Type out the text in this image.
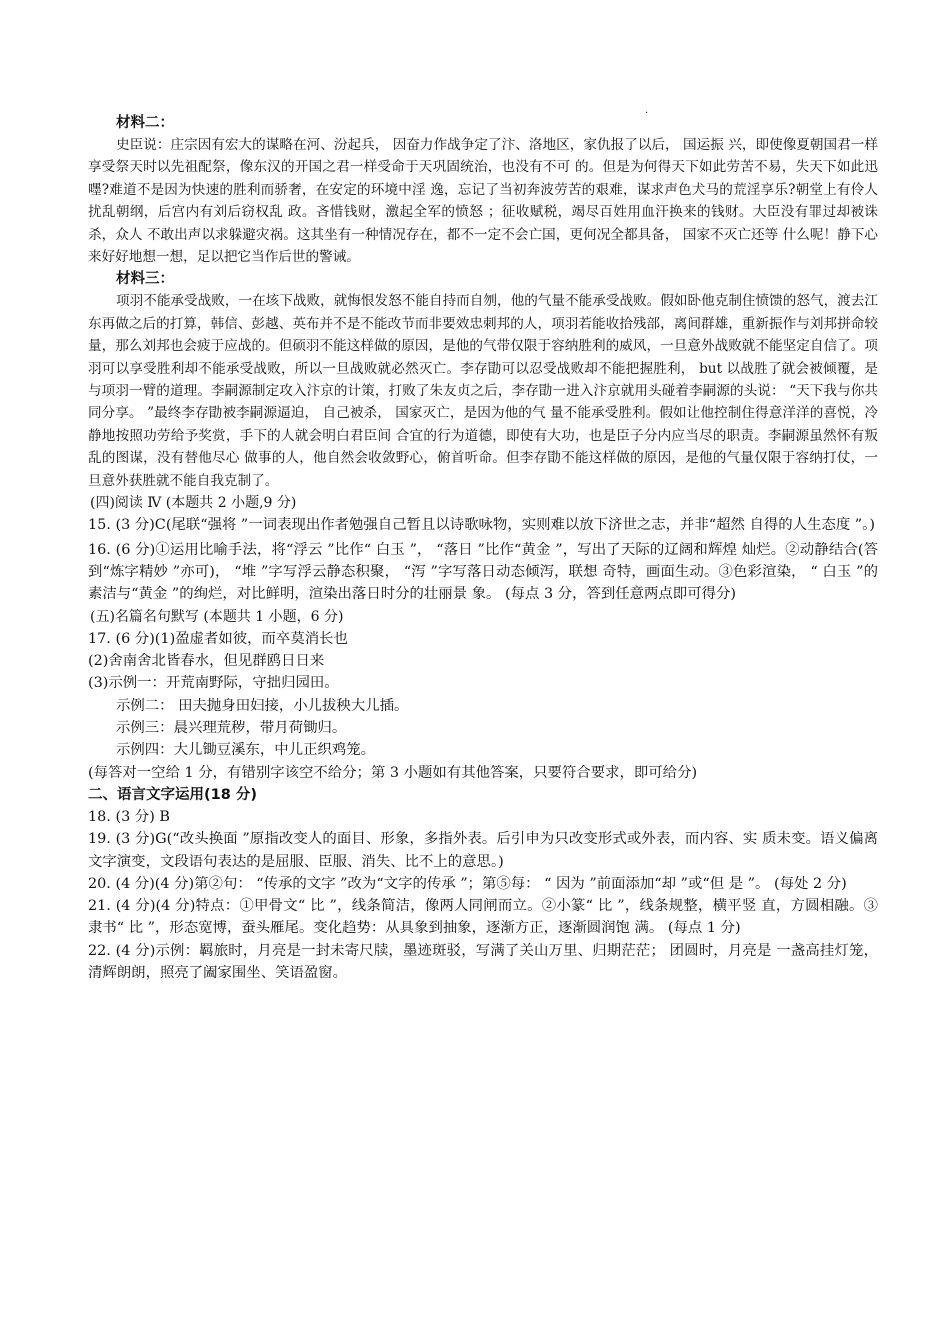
·
材料二：

史臣说：庄宗因有宏大的谋略在河、汾起兵， 因奋力作战争定了汴、洛地区，家仇报了以后， 国运振 兴，即使像夏朝国君一样享受祭天时以先祖配祭，像东汉的开国之君一样受命于天巩固统治，也没有不可 的。但是为何得天下如此劳苦不易，失天下如此迅嚜?难道不是因为快速的胜利而骄奢，在安定的环境中淫 逸，忘记了当初奔波劳苦的艰难，谋求声色犬马的荒淫享乐?朝堂上有伶人扰乱朝纲，后宫内有刘后窃权乱 政。吝惜钱财，激起全军的愤怒 ；征收赋税，竭尽百姓用血汗换来的钱财。大臣没有罪过却被诛杀，众人 不敢出声以求躲避灾祸。这其坐有一种情况存在，都不一定不会亡国，更何况全都具备， 国家不灭亡还等 什么呢！静下心来好好地想一想，足以把它当作后世的警诫。

材料三：

项羽不能承受战败，一在垓下战败，就悔恨发怒不能自持而自刎，他的气量不能承受战败。假如卧他克制住愤馈的怒气，渡去江东再做之后的打算，韩信、彭越、英布并不是不能改节而非要效忠刺邦的人，项羽若能收拾残部，离间群雄，重新振作与刘邦拼命较量，那么刘邦也会疲于应战的。但硕羽不能这样做的原因，是他的气带仅限于容纳胜利的威风，一旦意外战败就不能坚定自信了。项羽可以享受胜利却不能承受战败，所以一旦战败就必然灭亡。李存勖可以忍受战败却不能把握胜利， but 以战胜了就会被倾覆，是与项羽一臂的道理。李嗣源制定攻入汴京的计策，打败了朱友贞之后，李存勖一进入汴京就用头碰着李嗣源的头说： “天下我与你共同分享。 ”最终李存勖被李嗣源逼迫， 自己被杀， 国家灭亡，是因为他的气 量不能承受胜利。假如让他控制住得意洋洋的喜悦，冷静地按照功劳给予奖赏，手下的人就会明白君臣间 合宜的行为道德，即使有大功，也是臣子分内应当尽的职责。李嗣源虽然怀有叛乱的图谋，没有替他尽心 做事的人，他自然会收敛野心，俯首听命。但李存勖不能这样做的原因，是他的气量仅限于容纳打仗，一 旦意外获胜就不能自我克制了。

(四)阅读 Ⅳ (本题共 2 小题,9 分)

15. (3 分)C(尾联“强将 ”一词表现出作者勉强自己暂且以诗歌咏物，实则难以放下济世之志，并非“超然 自得的人生态度 ”。)

16. (6 分)①运用比喻手法，将“浮云 ”比作“ 白玉 ”， “落日 ”比作“黄金 ”，写出了天际的辽阔和辉煌 灿烂。②动静结合(答到“炼字精妙 ”亦可)， “堆 ”字写浮云静态积聚， “泻 ”字写落日动态倾泻，联想 奇特，画面生动。③色彩渲染， “ 白玉 ”的素洁与“黄金 ”的绚烂，对比鲜明，渲染出落日时分的壮丽景 象。 (每点 3 分，答到任意两点即可得分)

(五)名篇名句默写 (本题共 1 小题，6 分)

17. (6 分)(1)盈虚者如彼，而卒莫消长也

(2)舍南舍北皆春水，但见群鸥日日来

(3)示例一：开荒南野际，守拙归园田。

示例二： 田夫抛身田妇接，小儿拔秧大儿插。

示例三：晨兴理荒秽，带月荷锄归。

示例四：大儿锄豆溪东，中儿正织鸡笼。

(每答对一空给 1 分，有错别字该空不给分；第 3 小题如有其他答案，只要符合要求，即可给分)

二、语言文字运用(18 分)

18. (3 分) B

19. (3 分)G(“改头换面 ”原指改变人的面目、形象，多指外表。后引申为只改变形式或外表，而内容、实 质未变。语义偏离文字演变，文段语句表达的是屈服、臣服、消失、比不上的意思。)

20. (4 分)(4 分)第②句： “传承的文字 ”改为“文字的传承 ”；第⑤每： “ 因为 ”前面添加“却 ”或“但 是 ”。 (每处 2 分)

21. (4 分)(4 分)特点：①甲骨文“ 比 ”，线条简洁，像两人同闸而立。②小篆“ 比 ”，线条规整，横平竖 直，方圆相融。③隶书“ 比 ”，形态宽博，蚕头雁尾。变化趋势：从具象到抽象，逐渐方正，逐渐圆润饱 满。 (每点 1 分)

22. (4 分)示例：羁旅时，月亮是一封未寄尺牍，墨迹斑驳，写满了关山万里、归期茫茫； 团圆时，月亮是 一盏高挂灯笼，清辉朗朗，照亮了阖家围坐、笑语盈窗。
